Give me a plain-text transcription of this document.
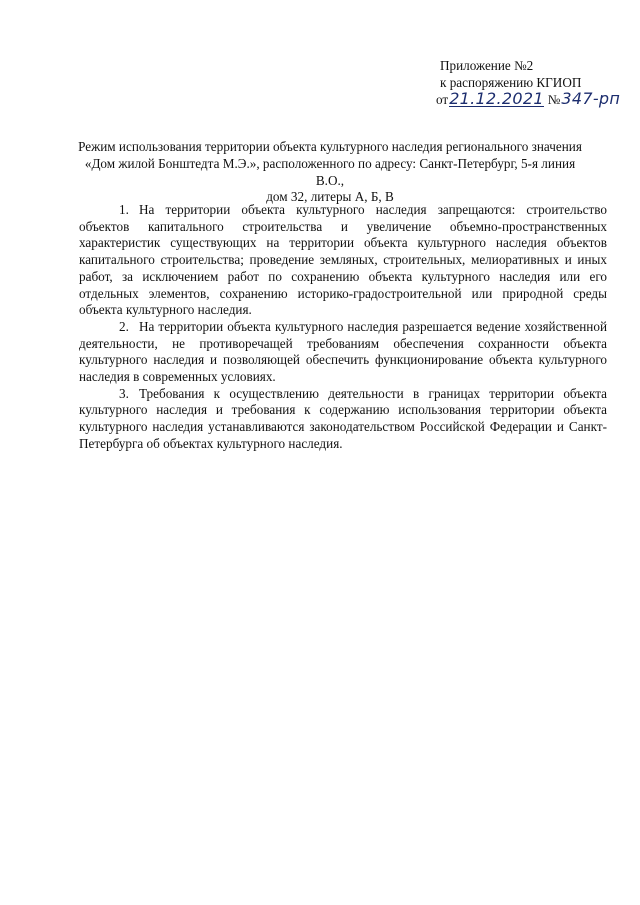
Приложение №2
к распоряжению КГИОП
от21.12.2021 №347-рп
Режим использования территории объекта культурного наследия регионального значения
«Дом жилой Бонштедта М.Э.», расположенного по адресу: Санкт-Петербург, 5-я линия В.О.,
дом 32, литеры А, Б, В

1. На территории объекта культурного наследия запрещаются: строительство объектов капитального строительства и увеличение объемно-пространственных характеристик существующих на территории объекта культурного наследия объектов капитального строительства; проведение земляных, строительных, мелиоративных и иных работ, за исключением работ по сохранению объекта культурного наследия или его отдельных элементов, сохранению историко-градостроительной или природной среды объекта культурного наследия.

2. На территории объекта культурного наследия разрешается ведение хозяйственной деятельности, не противоречащей требованиям обеспечения сохранности объекта культурного наследия и позволяющей обеспечить функционирование объекта культурного наследия в современных условиях.

3. Требования к осуществлению деятельности в границах территории объекта культурного наследия и требования к содержанию использования территории объекта культурного наследия устанавливаются законодательством Российской Федерации и Санкт-Петербурга об объектах культурного наследия.
